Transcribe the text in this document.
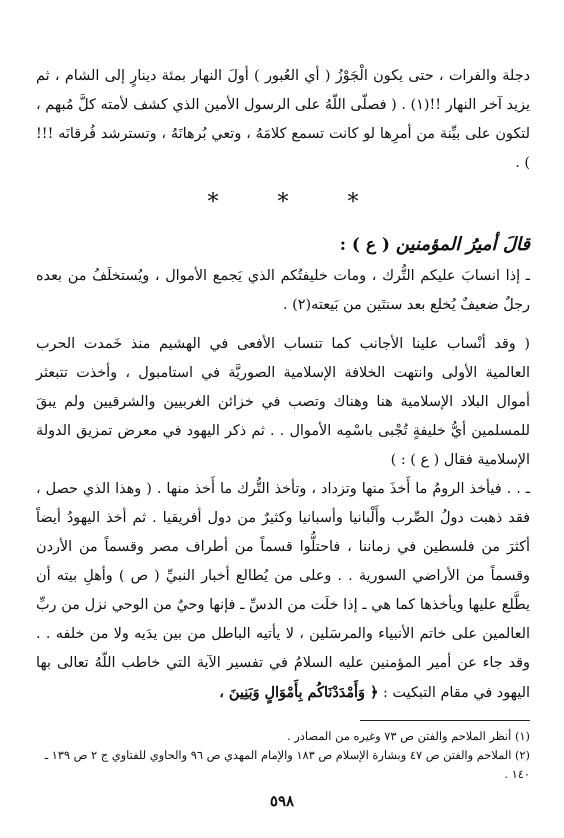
دجلة والفرات ، حتى يكون الْجَوْزُ ( أي العُبور ) أولَ النهار بمئة دينارٍ إلى الشام ، ثم يزيد آخر النهار !!(١) . ( فصلّى اللّهُ على الرسول الأمين الذي كشف لأمته كلَّ مُبهم ، لتكون على بيِّنة من أمرِها لو كانت تسمع كلامَهُ ، وتعي بُرهانَهُ ، وتسترشد فُرقانَه !!! ) .

*	*	*
قالَ أميرُ المؤمنين ( ع ) :

ـ إذا انسابَ عليكم التُّرك ، ومات خليفتُكم الذي يَجمع الأموال ، ويُستخلَفُ من بعده رجلٌ ضعيفٌ يُخلع بعد سنتَين من بَيعته(٢) .

( وقد أنْساب علينا الأجانب كما تنساب الأفعى في الهشيم منذ خَمدت الحرب العالمية الأولى وانتهت الخلافة الإسلامية الصوريَّة في استامبول ، وأخذت تتبعثر أموال البلاد الإسلامية هنا وهناك وتصب في خزائن الغربيين والشرقيين ولم يبقَ للمسلمين أيُّ خليفةٍ تُجْبى باسْمِه الأموال . . ثم ذكر اليهود في معرض تمزيق الدولة الإسلامية فقال ( ع ) : )

ـ . . فيأخذ الرومُ ما أَخذَ منها وتزداد ، وتأخذ التُّرك ما أَخذ منها . ( وهذا الذي حصل ، فقد ذهبت دولُ الصِّرب وأَلْبانيا وأسبانيا وكثيرٌ من دول أفريقيا . ثم أخذ اليهودُ أيضاً أكثرَ من فلسطين في زماننا ، فاحتلُّوا قسماً من أطراف مصر وقسماً من الأردن وقسماً من الأراضي السورية . . وعلى من يُطالع أخبار النبيِّ ( ص ) وأهلِ بيته أن يطَّلع عليها ويأخذها كما هي ـ إذا خلَت من الدسِّ ـ فإنها وحيٌ من الوحي نزل من ربِّ العالمين على خاتم الأنبياء والمرسَلين ، لا يأتيه الباطل من بين يدَيه ولا من خلفه . . وقد جاء عن أمير المؤمنين عليه السلامُ في تفسير الآية التي خاطب اللّهُ تعالى بها اليهود في مقام التبكيت : ﴿ وَأَمْدَدْنَاكُم بِأَمْوَالٍ وَبَنِينَ ،

(١) أنظر الملاحم والفتن ص ٧٣ وغيره من المصادر .

(٢) الملاحم والفتن ص ٤٧ وبشارة الإسلام ص ١٨٣ والإمام المهدي ص ٩٦ والحاوي للفتاوي ج ٢ ص ١٣٩ ـ ١٤٠ .

٥٩٨
